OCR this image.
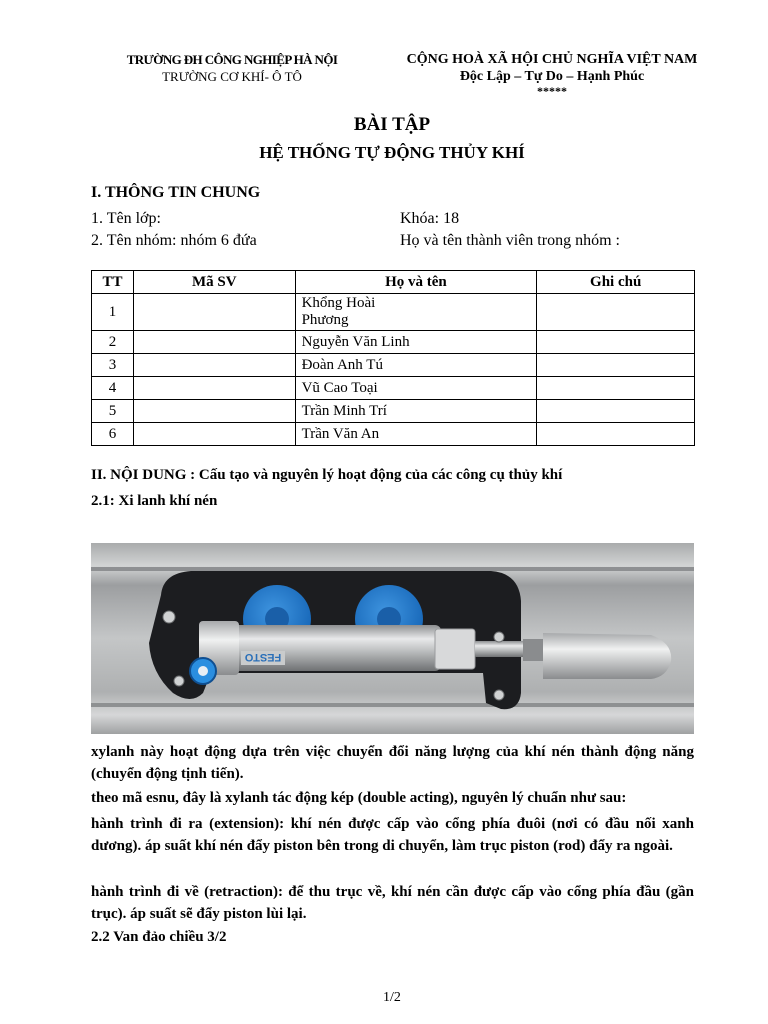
TRƯỜNG ĐH CÔNG NGHIỆP HÀ NỘI
TRƯỜNG CƠ KHÍ- Ô TÔ
CỘNG HOÀ XÃ HỘI CHỦ NGHĨA VIỆT NAM
Độc Lập – Tự Do – Hạnh Phúc
*****
BÀI TẬP
HỆ THỐNG TỰ ĐỘNG THỦY KHÍ
I. THÔNG TIN CHUNG
1. Tên lớp:	Khóa: 18
2. Tên nhóm: nhóm 6 đứa	Họ và tên thành viên trong nhóm :
TT	Mã SV	Họ và tên	Ghi chú
1		Khổng Hoài Phương	
2		Nguyễn Văn Linh	
3		Đoàn Anh Tú	
4		Vũ Cao Toại	
5		Trần Minh Trí	
6		Trần Văn An	
II. NỘI DUNG : Cấu tạo và nguyên lý hoạt động của các công cụ thủy khí
2.1: Xi lanh khí nén
FESTO
xylanh này hoạt động dựa trên việc chuyển đổi năng lượng của khí nén thành động năng (chuyển động tịnh tiến).
theo mã esnu, đây là xylanh tác động kép (double acting), nguyên lý chuẩn như sau:
hành trình đi ra (extension): khí nén được cấp vào cổng phía đuôi (nơi có đầu nối xanh dương). áp suất khí nén đẩy piston bên trong di chuyển, làm trục piston (rod) đẩy ra ngoài.
hành trình đi về (retraction): để thu trục về, khí nén cần được cấp vào cổng phía đầu (gần trục). áp suất sẽ đẩy piston lùi lại.
2.2 Van đảo chiều 3/2
1/2
